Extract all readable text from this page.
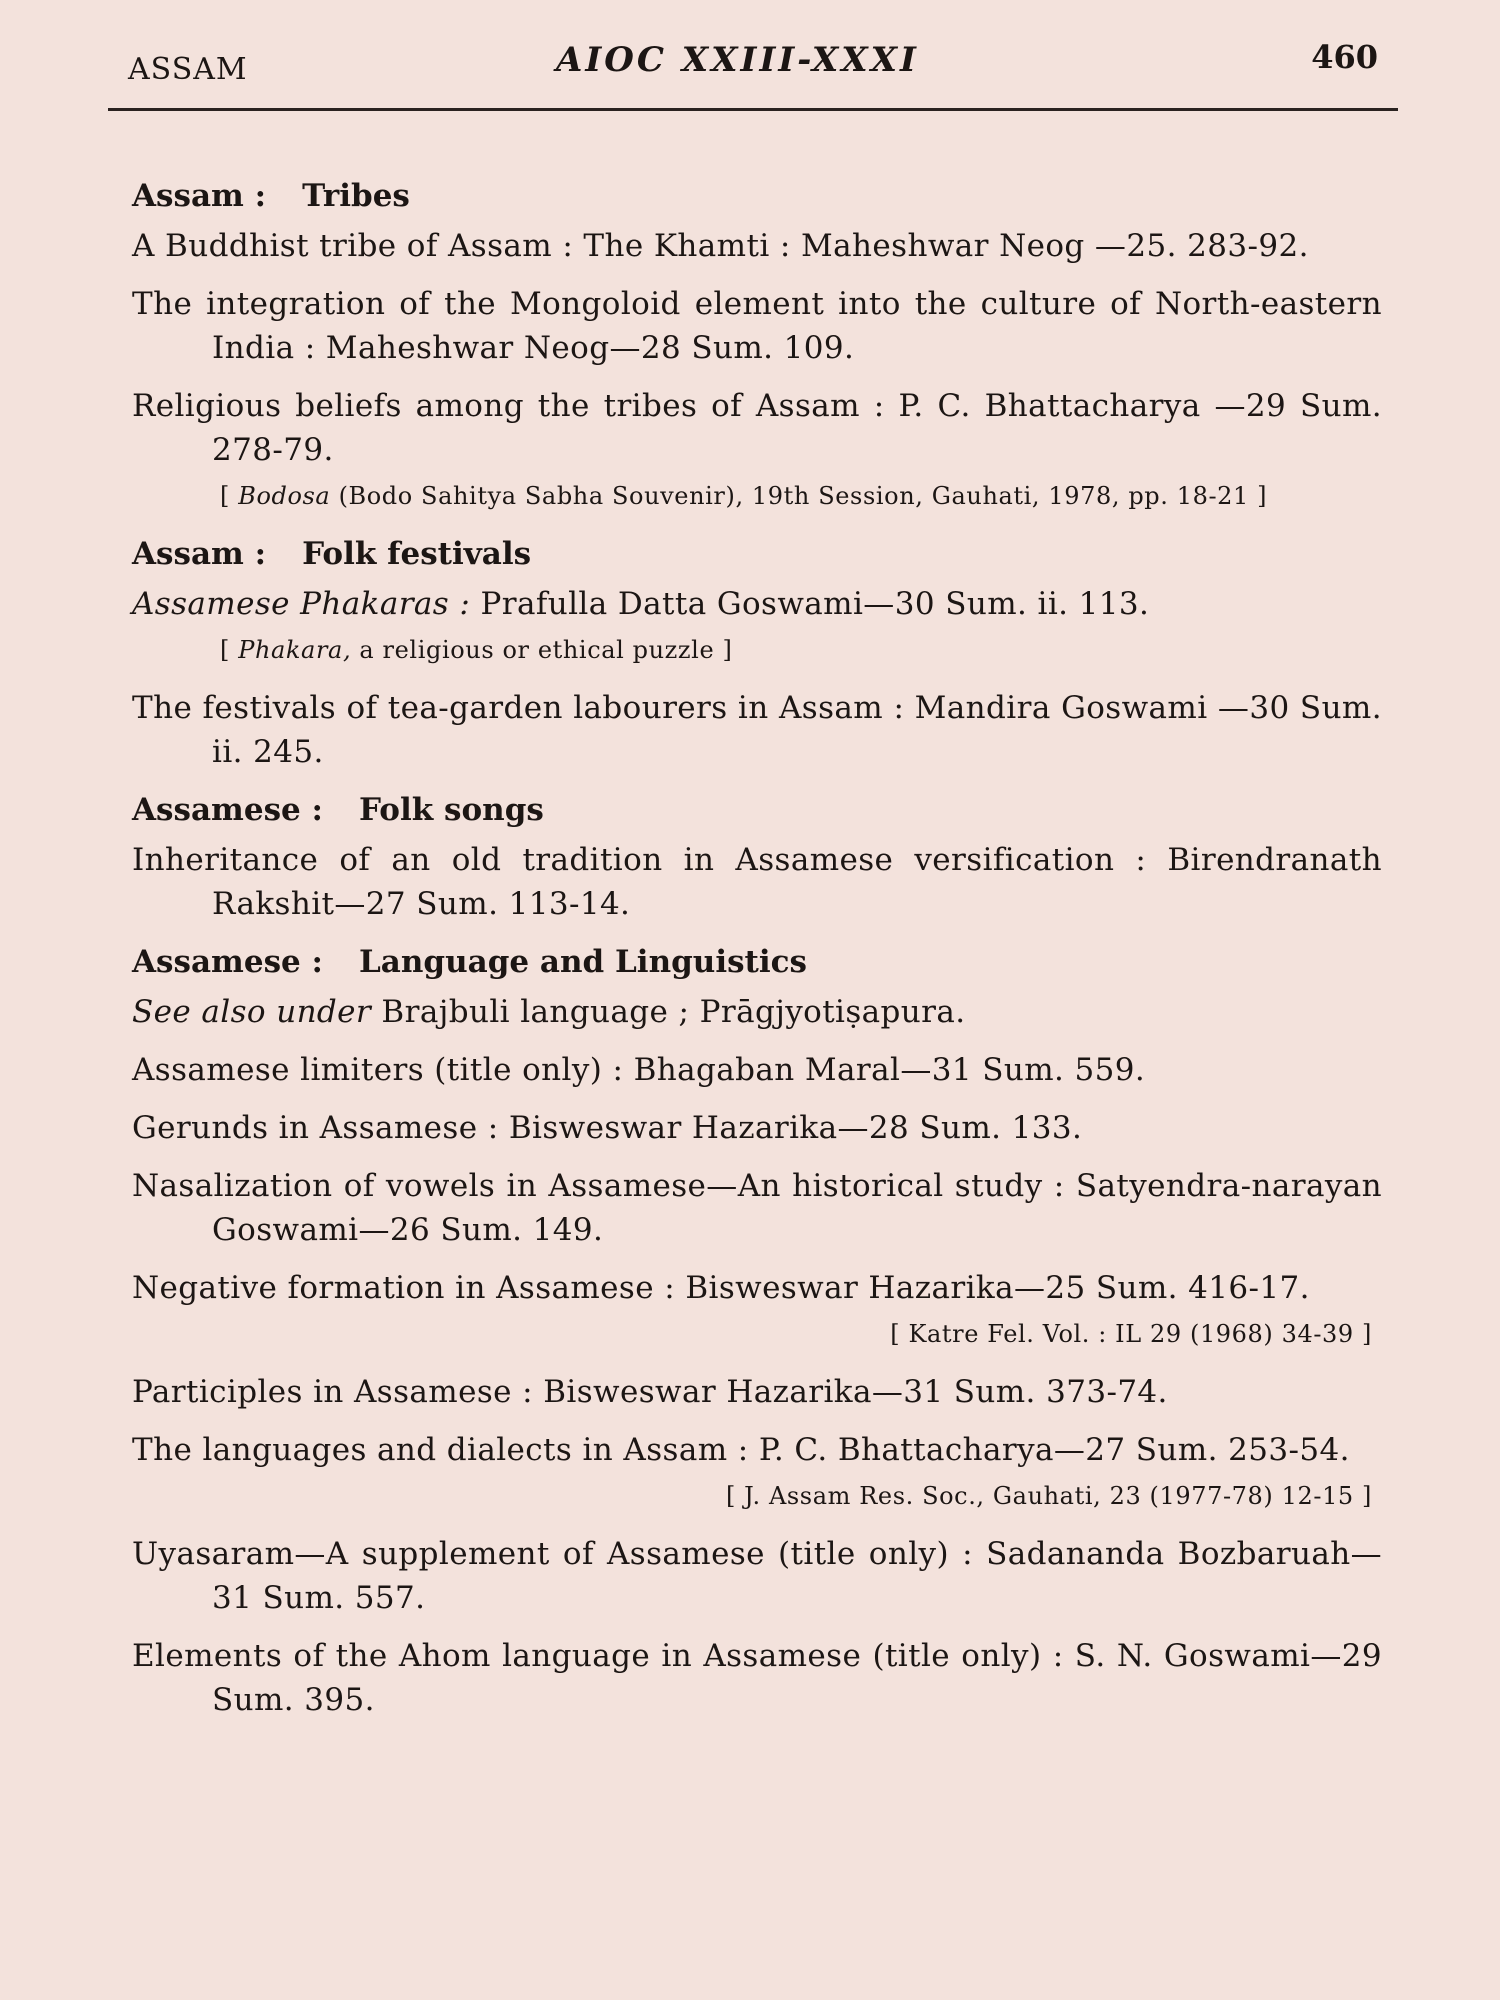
ASSAM	AIOC XXIII-XXXI	460
Assam : Tribes
A Buddhist tribe of Assam : The Khamti : Maheshwar Neog —25. 283-92.
The integration of the Mongoloid element into the culture of North-eastern India : Maheshwar Neog—28 Sum. 109.
Religious beliefs among the tribes of Assam : P. C. Bhattacharya —29 Sum. 278-79.
[ Bodosa (Bodo Sahitya Sabha Souvenir), 19th Session, Gauhati, 1978, pp. 18-21 ]
Assam : Folk festivals
Assamese Phakaras : Prafulla Datta Goswami—30 Sum. ii. 113.
[ Phakara, a religious or ethical puzzle ]
The festivals of tea-garden labourers in Assam : Mandira Goswami —30 Sum. ii. 245.
Assamese : Folk songs
Inheritance of an old tradition in Assamese versification : Birendranath Rakshit—27 Sum. 113-14.
Assamese : Language and Linguistics
See also under Brajbuli language ; Prāgjyotiṣapura.
Assamese limiters (title only) : Bhagaban Maral—31 Sum. 559.
Gerunds in Assamese : Bisweswar Hazarika—28 Sum. 133.
Nasalization of vowels in Assamese—An historical study : Satyendra-narayan Goswami—26 Sum. 149.
Negative formation in Assamese : Bisweswar Hazarika—25 Sum. 416-17.
[ Katre Fel. Vol. : IL 29 (1968) 34-39 ]
Participles in Assamese : Bisweswar Hazarika—31 Sum. 373-74.
The languages and dialects in Assam : P. C. Bhattacharya—27 Sum. 253-54.
[ J. Assam Res. Soc., Gauhati, 23 (1977-78) 12-15 ]
Uyasaram—A supplement of Assamese (title only) : Sadananda Bozbaruah—31 Sum. 557.
Elements of the Ahom language in Assamese (title only) : S. N. Goswami—29 Sum. 395.
